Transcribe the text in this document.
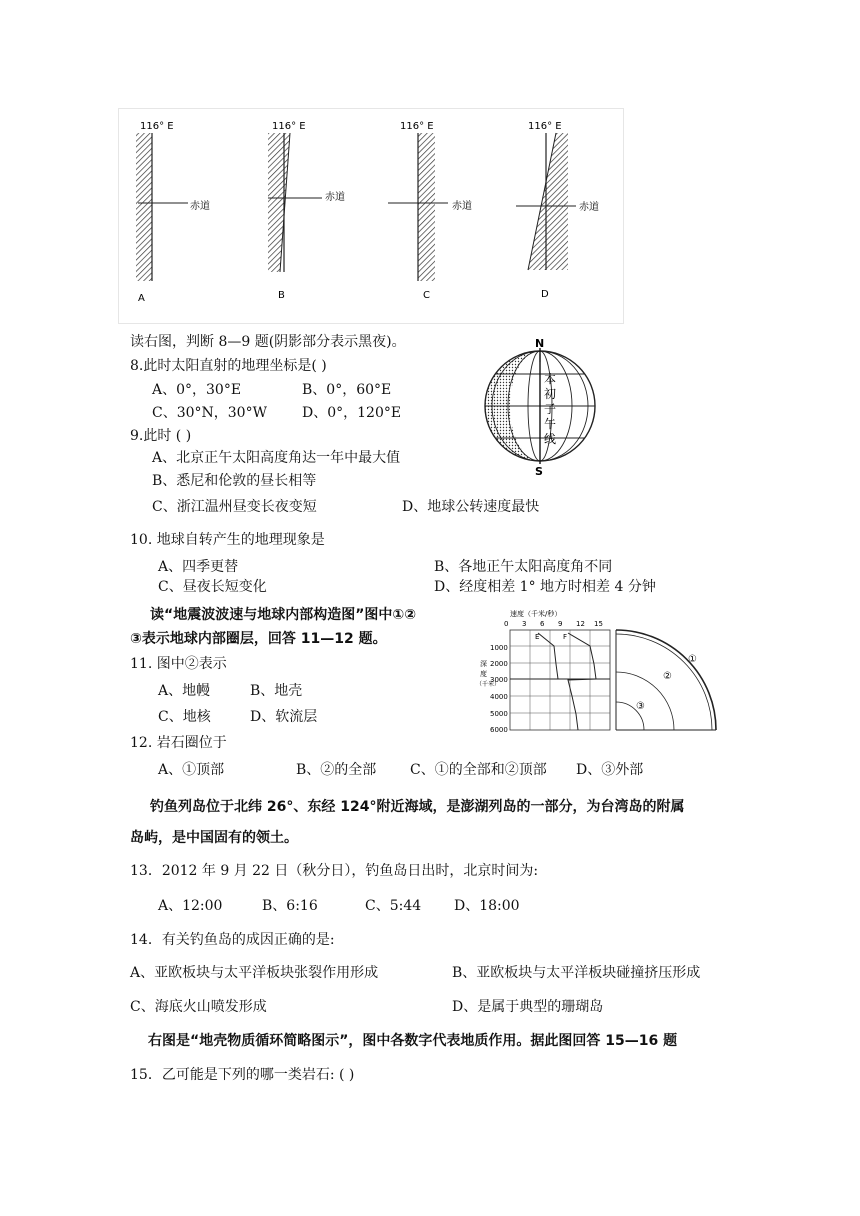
116° E
赤道
A
116° E
赤道
B
116° E
赤道
C
116° E
赤道
D
读右图，判断 8—9 题(阴影部分表示黑夜)。
8.此时太阳直射的地理坐标是( )
A、0°，30°E	B、0°，60°E
C、30°N，30°W	D、0°，120°E
9.此时 ( )
A、北京正午太阳高度角达一年中最大值
B、悉尼和伦敦的昼长相等
C、浙江温州昼变长夜变短	D、地球公转速度最快
N
本
初
子
午
线
S
10. 地球自转产生的地理现象是
A、四季更替	B、各地正午太阳高度角不同
C、昼夜长短变化	D、经度相差 1° 地方时相差 4 分钟
读“地震波波速与地球内部构造图”图中①②
③表示地球内部圈层，回答 11—12 题。
11. 图中②表示
A、地幔	B、地壳
C、地核	D、软流层
12. 岩石圈位于
A、①顶部	B、②的全部 C、①的全部和②顶部 D、③外部
速度（千米/秒）
0 3 6 9 12 15
E	F
深
度
（千米）
1000
2000
3000
4000
5000
6000
①
②
③
钓鱼列岛位于北纬 26°、东经 124°附近海域，是澎湖列岛的一部分，为台湾岛的附属
岛屿，是中国固有的领土。
13．2012 年 9 月 22 日（秋分日），钓鱼岛日出时，北京时间为:
A、12:00	B、6:16	C、5:44 D、18:00
14．有关钓鱼岛的成因正确的是:
A、亚欧板块与太平洋板块张裂作用形成	B、亚欧板块与太平洋板块碰撞挤压形成
C、海底火山喷发形成	D、是属于典型的珊瑚岛
右图是“地壳物质循环简略图示”，图中各数字代表地质作用。据此图回答 15—16 题
15．乙可能是下列的哪一类岩石: ( )
